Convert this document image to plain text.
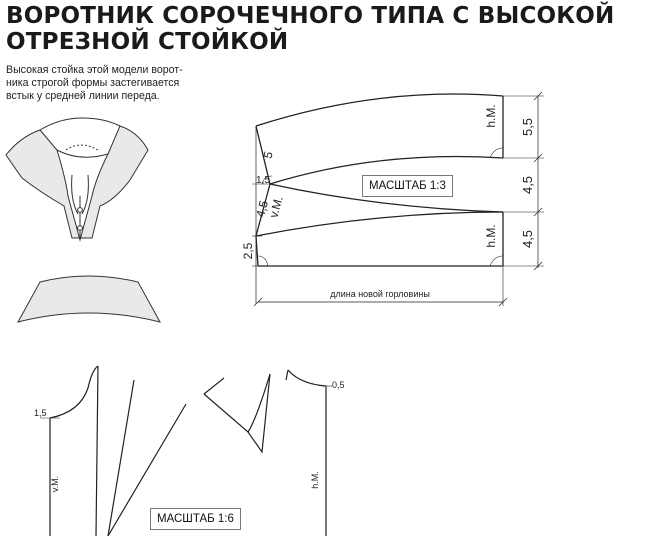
ВОРОТНИК СОРОЧЕЧНОГО ТИПА С ВЫСОКОЙ
ОТРЕЗНОЙ СТОЙКОЙ

Высокая стойка этой модели ворот-
ника строгой формы застегивается
встык у средней линии переда.

5,5
4,5
4,5
h.M.
h.M.
v.M.
4,5
2,5
1,5
5
длина новой горловины
1,5
0,5
v.M.	h.M.
МАСШТАБ 1:3
МАСШТАБ 1:6
